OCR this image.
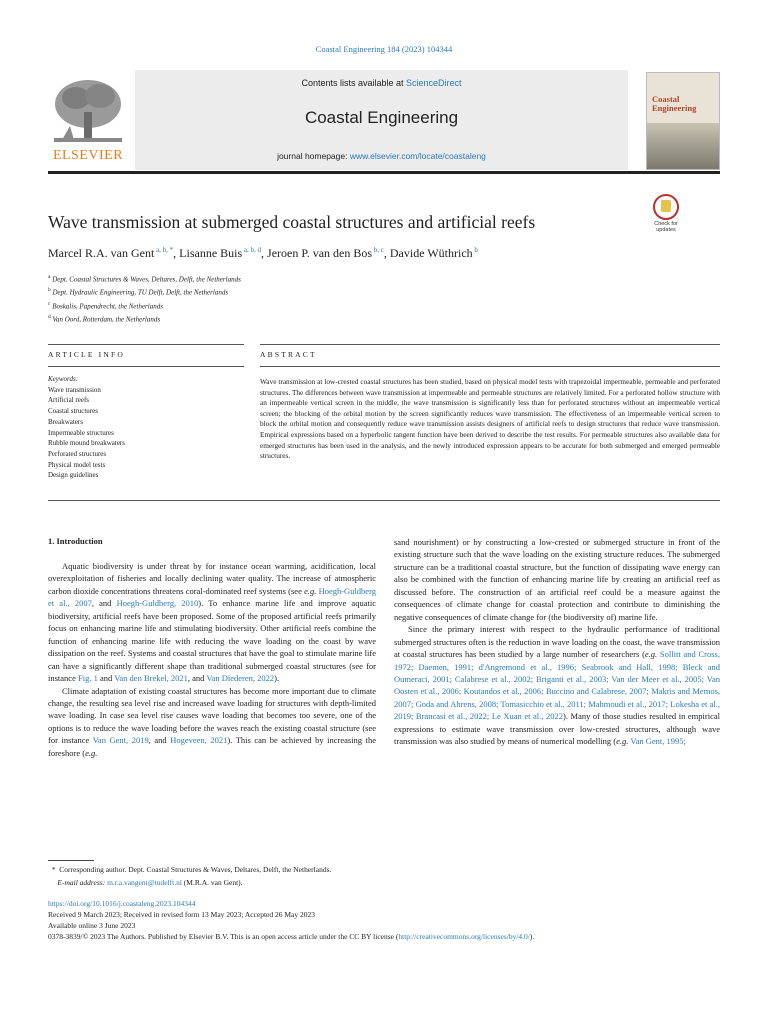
Coastal Engineering 184 (2023) 104344
ELSEVIER
Contents lists available at ScienceDirect
Coastal Engineering
journal homepage: www.elsevier.com/locate/coastaleng
Coastal Engineering
Wave transmission at submerged coastal structures and artificial reefs	Check for
updates
Marcel R.A. van Gent $^{a, b, *}$, Lisanne Buis $^{a, b, d}$, Jeroen P. van den Bos $^{b, c}$, Davide Wüthrich $^b$
$^a$ Dept. Coastal Structures & Waves, Deltares, Delft, the Netherlands
$^b$ Dept. Hydraulic Engineering, TU Delft, Delft, the Netherlands
$^c$ Boskalis, Papendrecht, the Netherlands
$^d$ Van Oord, Rotterdam, the Netherlands
ARTICLE INFO	ABSTRACT
Keywords:
Wave transmission
Artificial reefs
Coastal structures
Breakwaters
Impermeable structures
Rubble mound breakwaters
Perforated structures
Physical model tests
Design guidelines
Wave transmission at low-crested coastal structures has been studied, based on physical model tests with trapezoidal impermeable, permeable and perforated structures. The differences between wave transmission at impermeable and permeable structures are relatively limited. For a perforated hollow structure with an impermeable vertical screen in the middle, the wave transmission is significantly less than for perforated structures without an impermeable vertical screen; the blocking of the orbital motion by the screen significantly reduces wave transmission. The effectiveness of an impermeable vertical screen to block the orbital motion and consequently reduce wave transmission assists designers of artificial reefs to design structures that reduce wave transmission. Empirical expressions based on a hyperbolic tangent function have been derived to describe the test results. For permeable structures also available data for emerged structures has been used in the analysis, and the newly introduced expression appears to be accurate for both submerged and emerged permeable structures.
1. Introduction

Aquatic biodiversity is under threat by for instance ocean warming, acidification, local overexploitation of fisheries and locally declining water quality. The increase of atmospheric carbon dioxide concentrations threatens coral-dominated reef systems (see e.g. Hoegh-Guldberg et al., 2007, and Hoegh-Guldberg, 2010). To enhance marine life and improve aquatic biodiversity, artificial reefs have been proposed. Some of the proposed artificial reefs primarily focus on enhancing marine life and stimulating biodiversity. Other artificial reefs combine the function of enhancing marine life with reducing the wave loading on the coast by wave dissipation on the reef. Systems and coastal structures that have the goal to stimulate marine life can have a significantly different shape than traditional submerged coastal structures (see for instance Fig. 1 and Van den Brekel, 2021, and Van Diederen, 2022).

Climate adaptation of existing coastal structures has become more important due to climate change, the resulting sea level rise and increased wave loading for structures with depth-limited wave loading. In case sea level rise causes wave loading that becomes too severe, one of the options is to reduce the wave loading before the waves reach the existing coastal structure (see for instance Van Gent, 2019, and Hogeveen, 2021). This can be achieved by increasing the foreshore (e.g.

sand nourishment) or by constructing a low-crested or submerged structure in front of the existing structure such that the wave loading on the existing structure reduces. The submerged structure can be a traditional coastal structure, but the function of dissipating wave energy can also be combined with the function of enhancing marine life by creating an artificial reef as discussed before. The construction of an artificial reef could be a measure against the consequences of climate change for coastal protection and contribute to diminishing the negative consequences of climate change for (the biodiversity of) marine life.

Since the primary interest with respect to the hydraulic performance of traditional submerged structures often is the reduction in wave loading on the coast, the wave transmission at coastal structures has been studied by a large number of researchers (e.g. Sollitt and Cross, 1972; Daemen, 1991; d'Angremond et al., 1996; Seabrook and Hall, 1998; Bleck and Oumeraci, 2001; Calabrese et al., 2002; Briganti et al., 2003; Van der Meer et al., 2005; Van Oosten et al., 2006; Koutandos et al., 2006; Buccino and Calabrese, 2007; Makris and Memos, 2007; Goda and Ahrens, 2008; Tomasicchio et al., 2011; Mahmoudi et al., 2017; Lokesha et al., 2019; Brancasi et al., 2022; Le Xuan et al., 2022). Many of those studies resulted in empirical expressions to estimate wave transmission over low-crested structures, although wave transmission was also studied by means of numerical modelling (e.g. Van Gent, 1995;

* Corresponding author. Dept. Coastal Structures & Waves, Deltares, Delft, the Netherlands.
E-mail address: m.r.a.vangent@tudelft.nl (M.R.A. van Gent).
https://doi.org/10.1016/j.coastaleng.2023.104344
Received 9 March 2023; Received in revised form 13 May 2023; Accepted 26 May 2023
Available online 3 June 2023
0378-3839/© 2023 The Authors. Published by Elsevier B.V. This is an open access article under the CC BY license (http://creativecommons.org/licenses/by/4.0/).
